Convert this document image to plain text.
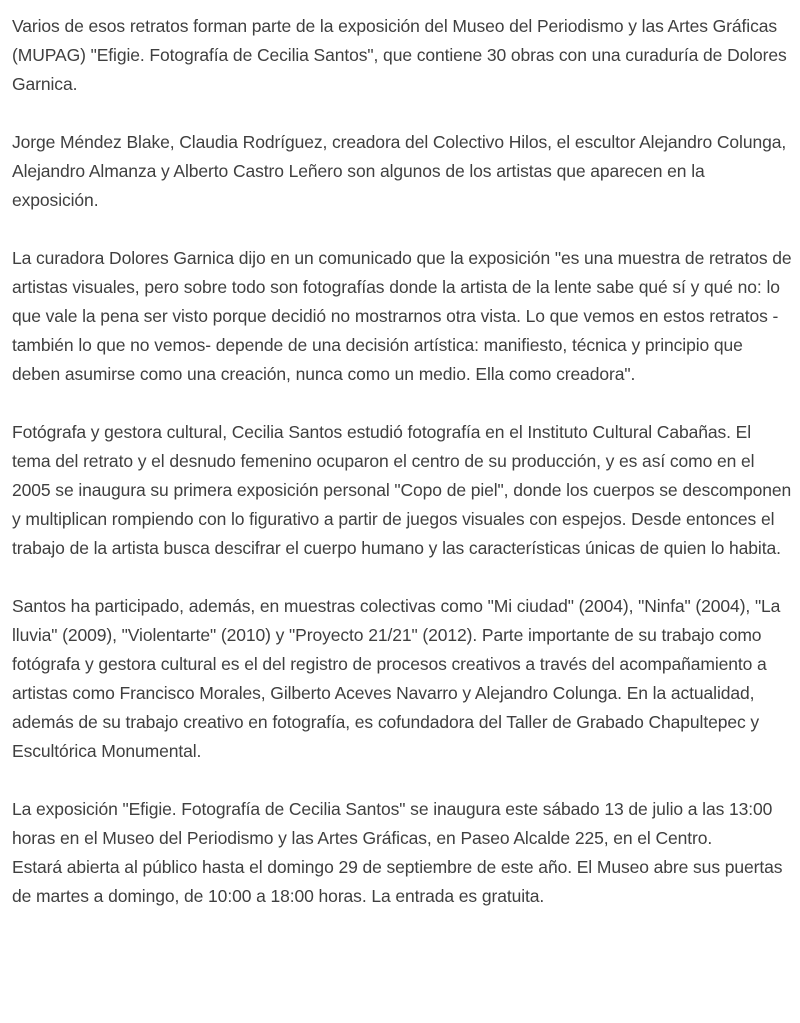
Varios de esos retratos forman parte de la exposición del Museo del Periodismo y las Artes Gráficas (MUPAG) "Efigie. Fotografía de Cecilia Santos", que contiene 30 obras con una curaduría de Dolores Garnica.

Jorge Méndez Blake, Claudia Rodríguez, creadora del Colectivo Hilos, el escultor Alejandro Colunga, Alejandro Almanza y Alberto Castro Leñero son algunos de los artistas que aparecen en la exposición.

La curadora Dolores Garnica dijo en un comunicado que la exposición "es una muestra de retratos de artistas visuales, pero sobre todo son fotografías donde la artista de la lente sabe qué sí y qué no: lo que vale la pena ser visto porque decidió no mostrarnos otra vista. Lo que vemos en estos retratos -también lo que no vemos- depende de una decisión artística: manifiesto, técnica y principio que deben asumirse como una creación, nunca como un medio. Ella como creadora".

Fotógrafa y gestora cultural, Cecilia Santos estudió fotografía en el Instituto Cultural Cabañas. El tema del retrato y el desnudo femenino ocuparon el centro de su producción, y es así como en el 2005 se inaugura su primera exposición personal "Copo de piel", donde los cuerpos se descomponen y multiplican rompiendo con lo figurativo a partir de juegos visuales con espejos. Desde entonces el trabajo de la artista busca descifrar el cuerpo humano y las características únicas de quien lo habita.

Santos ha participado, además, en muestras colectivas como "Mi ciudad" (2004), "Ninfa" (2004), "La lluvia" (2009), "Violentarte" (2010) y "Proyecto 21/21" (2012). Parte importante de su trabajo como fotógrafa y gestora cultural es el del registro de procesos creativos a través del acompañamiento a artistas como Francisco Morales, Gilberto Aceves Navarro y Alejandro Colunga. En la actualidad, además de su trabajo creativo en fotografía, es cofundadora del Taller de Grabado Chapultepec y Escultórica Monumental.

La exposición "Efigie. Fotografía de Cecilia Santos" se inaugura este sábado 13 de julio a las 13:00 horas en el Museo del Periodismo y las Artes Gráficas, en Paseo Alcalde 225, en el Centro.

Estará abierta al público hasta el domingo 29 de septiembre de este año. El Museo abre sus puertas de martes a domingo, de 10:00 a 18:00 horas. La entrada es gratuita.
